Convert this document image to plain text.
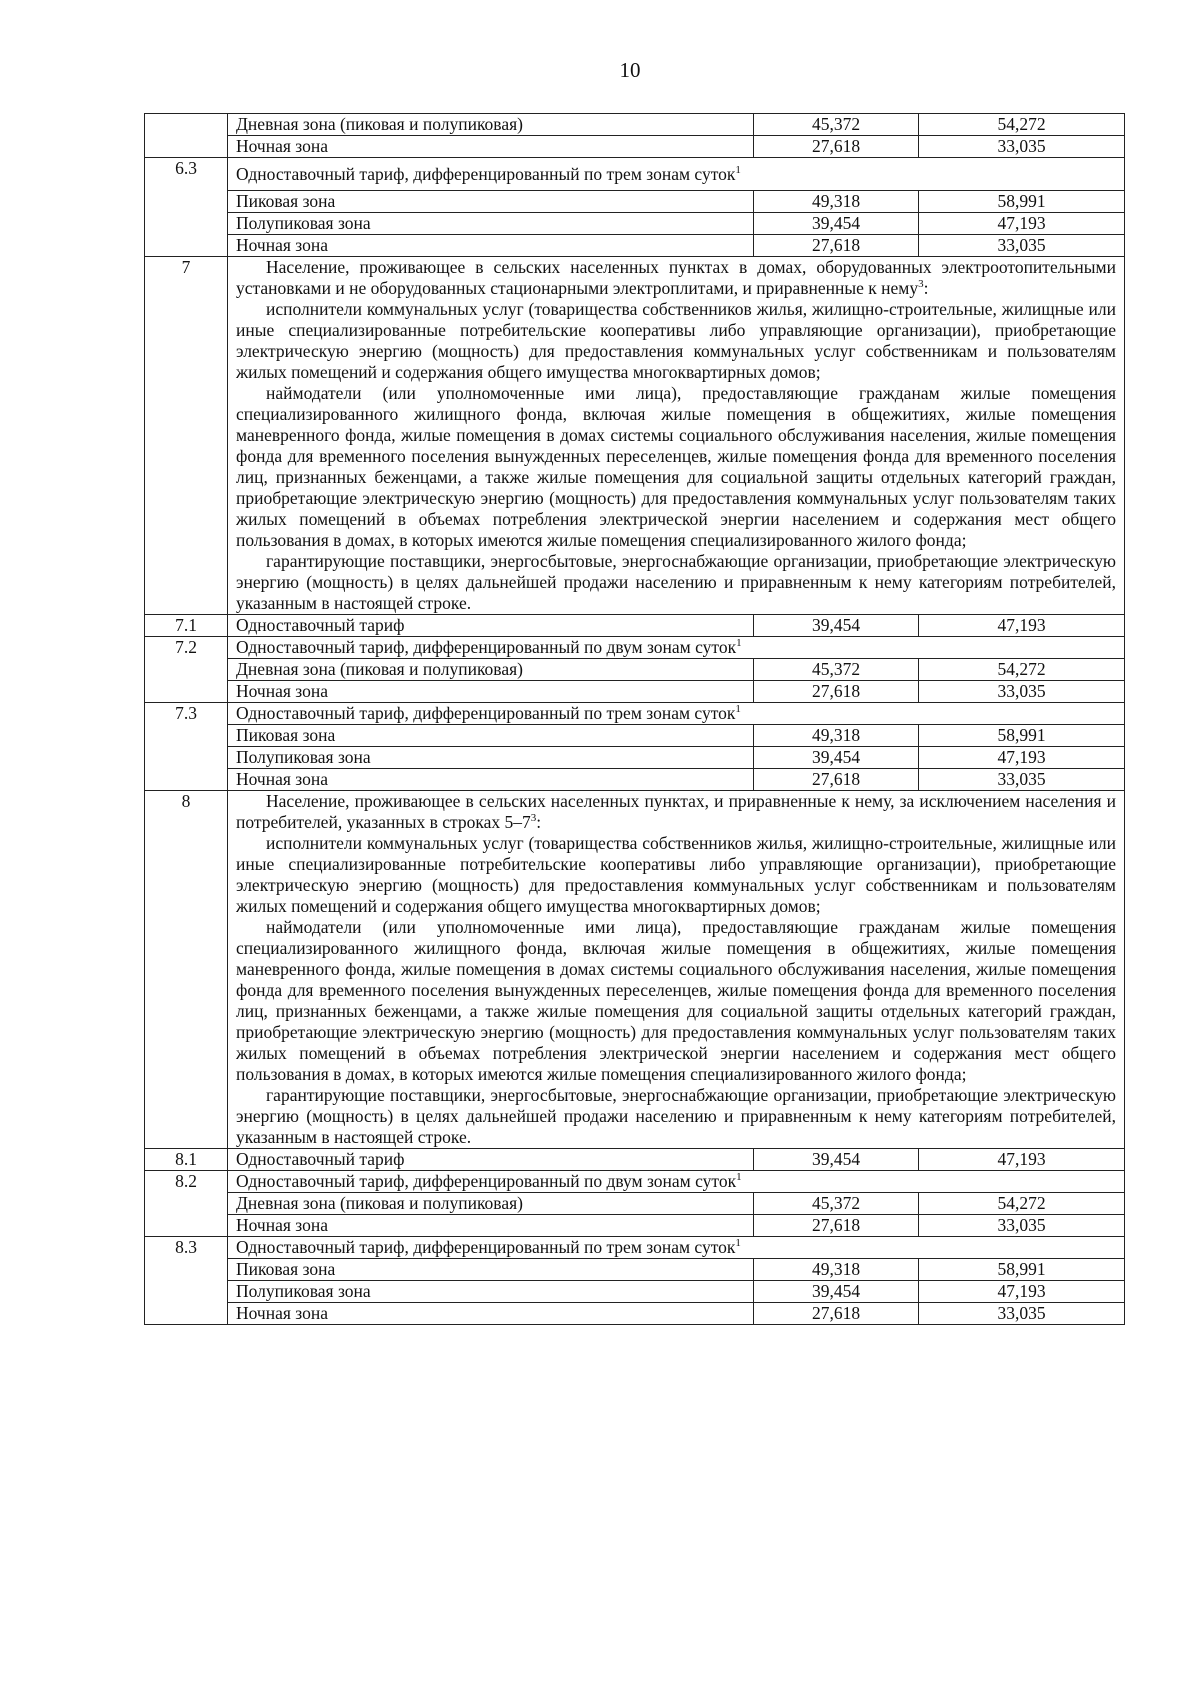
10
	Дневная зона (пиковая и полупиковая)	45,372	54,272
	Ночная зона	27,618	33,035
6.3	Одноставочный тариф, дифференцированный по трем зонам суток$^1$
	Пиковая зона	49,318	58,991
	Полупиковая зона	39,454	47,193
	Ночная зона	27,618	33,035
7	Население, проживающее в сельских населенных пунктах в домах, оборудованных электроотопительными установками и не оборудованных стационарными электроплитами, и приравненные к нему$^3$:

исполнители коммунальных услуг (товарищества собственников жилья, жилищно-строительные, жилищные или иные специализированные потребительские кооперативы либо управляющие организации), приобретающие электрическую энергию (мощность) для предоставления коммунальных услуг собственникам и пользователям жилых помещений и содержания общего имущества многоквартирных домов;

наймодатели (или уполномоченные ими лица), предоставляющие гражданам жилые помещения специализированного жилищного фонда, включая жилые помещения в общежитиях, жилые помещения маневренного фонда, жилые помещения в домах системы социального обслуживания населения, жилые помещения фонда для временного поселения вынужденных переселенцев, жилые помещения фонда для временного поселения лиц, признанных беженцами, а также жилые помещения для социальной защиты отдельных категорий граждан, приобретающие электрическую энергию (мощность) для предоставления коммунальных услуг пользователям таких жилых помещений в объемах потребления электрической энергии населением и содержания мест общего пользования в домах, в которых имеются жилые помещения специализированного жилого фонда;

гарантирующие поставщики, энергосбытовые, энергоснабжающие организации, приобретающие электрическую энергию (мощность) в целях дальнейшей продажи населению и приравненным к нему категориям потребителей, указанным в настоящей строке.		

7.1	Одноставочный тариф	39,454	47,193
7.2	Одноставочный тариф, дифференцированный по двум зонам суток$^1$
	Дневная зона (пиковая и полупиковая)	45,372	54,272
	Ночная зона	27,618	33,035
7.3	Одноставочный тариф, дифференцированный по трем зонам суток$^1$
	Пиковая зона	49,318	58,991
	Полупиковая зона	39,454	47,193
	Ночная зона	27,618	33,035
8	Население, проживающее в сельских населенных пунктах, и приравненные к нему, за исключением населения и потребителей, указанных в строках $5-7^3$:

исполнители коммунальных услуг (товарищества собственников жилья, жилищно-строительные, жилищные или иные специализированные потребительские кооперативы либо управляющие организации), приобретающие электрическую энергию (мощность) для предоставления коммунальных услуг собственникам и пользователям жилых помещений и содержания общего имущества многоквартирных домов;

наймодатели (или уполномоченные ими лица), предоставляющие гражданам жилые помещения специализированного жилищного фонда, включая жилые помещения в общежитиях, жилые помещения маневренного фонда, жилые помещения в домах системы социального обслуживания населения, жилые помещения фонда для временного поселения вынужденных переселенцев, жилые помещения фонда для временного поселения лиц, признанных беженцами, а также жилые помещения для социальной защиты отдельных категорий граждан, приобретающие электрическую энергию (мощность) для предоставления коммунальных услуг пользователям таких жилых помещений в объемах потребления электрической энергии населением и содержания мест общего пользования в домах, в которых имеются жилые помещения специализированного жилого фонда;

гарантирующие поставщики, энергосбытовые, энергоснабжающие организации, приобретающие электрическую энергию (мощность) в целях дальнейшей продажи населению и приравненным к нему категориям потребителей, указанным в настоящей строке.		

8.1	Одноставочный тариф	39,454	47,193
8.2	Одноставочный тариф, дифференцированный по двум зонам суток$^1$
	Дневная зона (пиковая и полупиковая)	45,372	54,272
	Ночная зона	27,618	33,035
8.3	Одноставочный тариф, дифференцированный по трем зонам суток$^1$
	Пиковая зона	49,318	58,991
	Полупиковая зона	39,454	47,193
	Ночная зона	27,618	33,035
